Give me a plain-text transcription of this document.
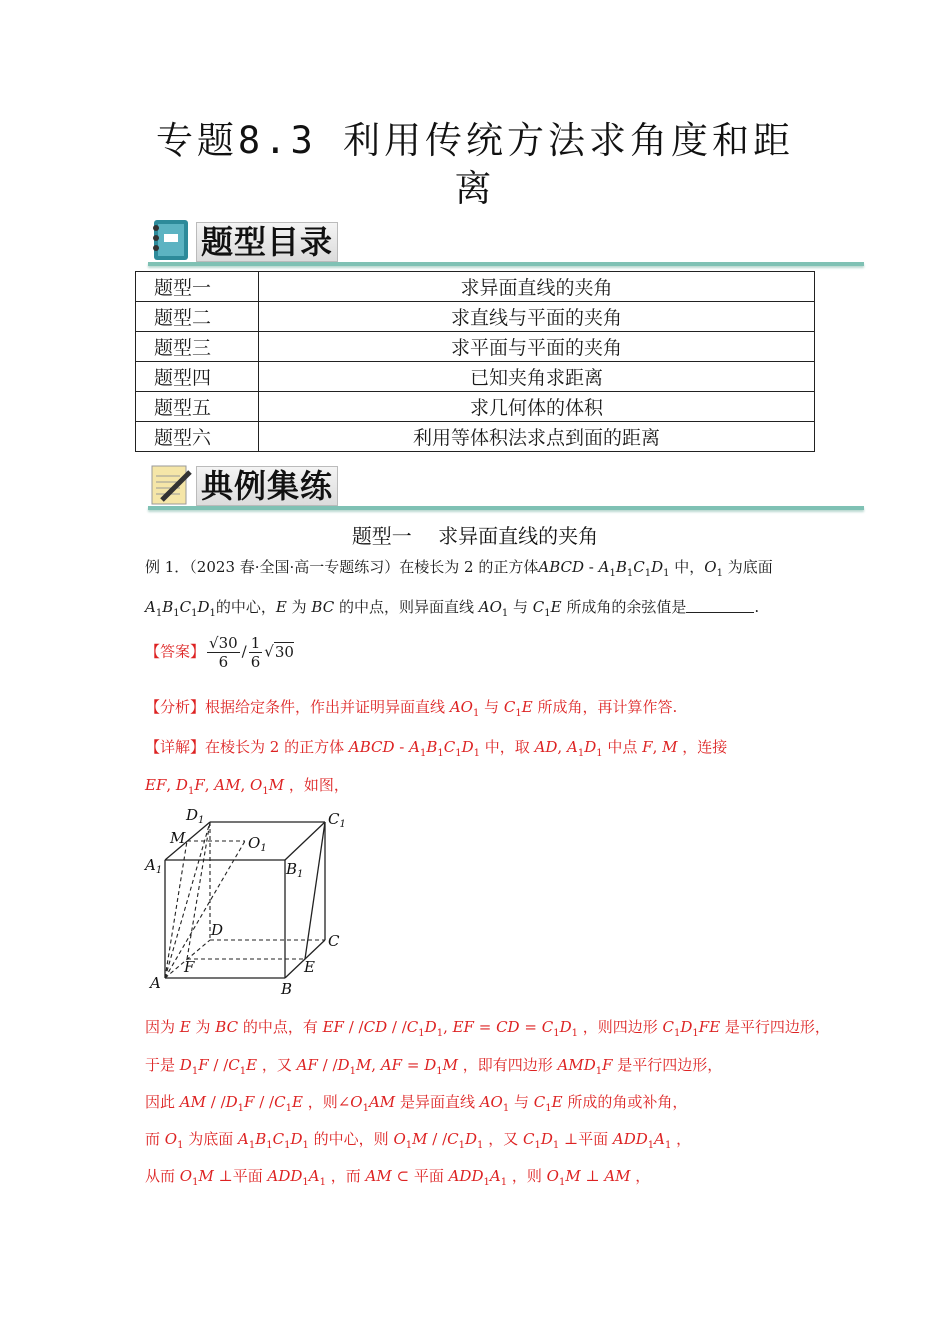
专题8.3 利用传统方法求角度和距
离
题型目录
题型一	求异面直线的夹角
题型二	求直线与平面的夹角
题型三	求平面与平面的夹角
题型四	已知夹角求距离
题型五	求几何体的体积
题型六	利用等体积法求点到面的距离
典例集练
题型一　 求异面直线的夹角
例 1．（2023 春·全国·高一专题练习）在棱长为 2 的正方体ABCD - $A_1B_1C_1D_1$ 中，$O_1$ 为底面
$A_1B_1C_1D_1$的中心，E 为 BC 的中点，则异面直线 $AO_1$ 与 $C_1E$ 所成角的余弦值是	.
【答案】 $\frac{√30}{6} / \frac{1}{6} √30$
【分析】根据给定条件，作出并证明异面直线 $AO_1$ 与 $C_1E$ 所成角，再计算作答.
【详解】在棱长为 2 的正方体 ABCD - $A_1B_1C_1D_1$ 中，取 AD, $A_1D_1$ 中点 F, M ，连接
EF, $D_1F$, AM, $O_1M$ ，如图，
$D_1$	$C_1$
M	$O_1$
$A_1$	$B_1$
D
C
E
F
A	B
因为 E 为 BC 的中点，有 EF / $/CD / /C_1D_1$, EF = CD = $C_1D_1$ ，则四边形 $C_1D_1FE$ 是平行四边形，
于是 $D_1F / /C_1E$ ，又 AF / $/D_1M$, AF = $D_1M$ ，即有四边形 $AMD_1F$ 是平行四边形，
因此 AM / $/D_1F / /C_1E$ ，则$\angle O_1AM$ 是异面直线 $AO_1$ 与 $C_1E$ 所成的角或补角，
而 $O_1$ 为底面 $A_1B_1C_1D_1$ 的中心，则 $O_1M / /C_1D_1$ ，又 $C_1D_1$ ⊥平面 $ADD_1A_1$ ，
从而 $O_1M$ ⊥平面 $ADD_1A_1$ ，而 AM ⊂ 平面 $ADD_1A_1$ ，则 $O_1M$ ⊥ AM ，
